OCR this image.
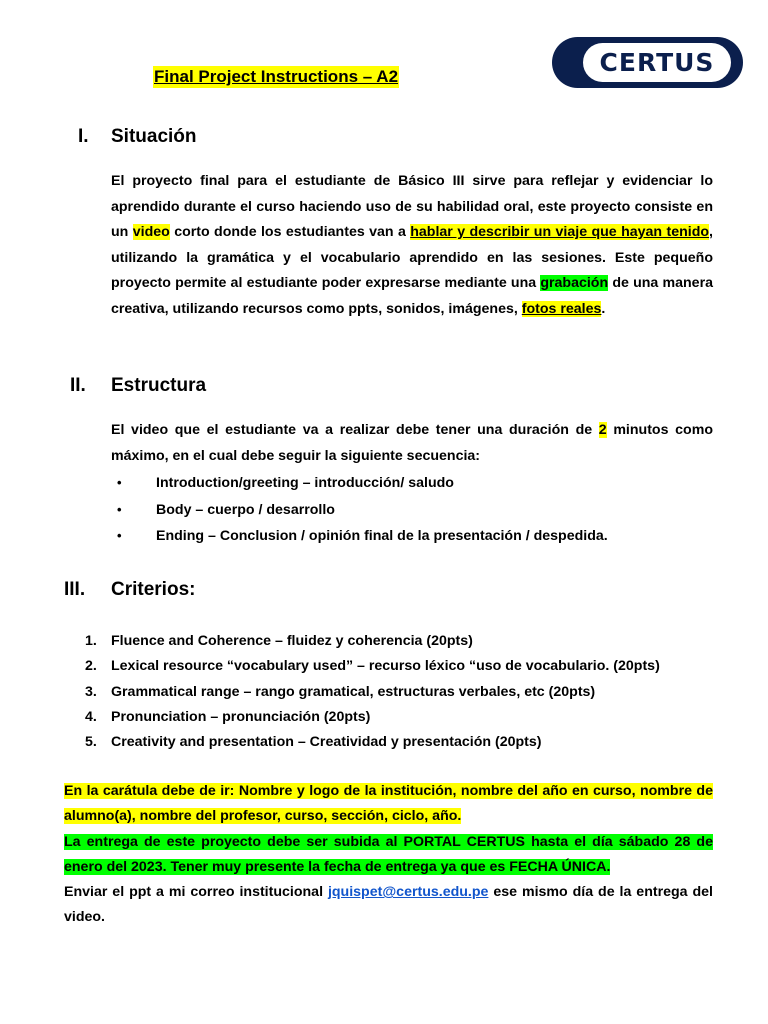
CERTUS
Final Project Instructions – A2
I. Situación
El proyecto final para el estudiante de Básico III sirve para reflejar y evidenciar lo aprendido durante el curso haciendo uso de su habilidad oral, este proyecto consiste en un video corto donde los estudiantes van a hablar y describir un viaje que hayan tenido, utilizando la gramática y el vocabulario aprendido en las sesiones. Este pequeño proyecto permite al estudiante poder expresarse mediante una grabación de una manera creativa, utilizando recursos como ppts, sonidos, imágenes, fotos reales.
II. Estructura
El video que el estudiante va a realizar debe tener una duración de 2 minutos como máximo, en el cual debe seguir la siguiente secuencia:
• Introduction/greeting – introducción/ saludo
• Body – cuerpo / desarrollo
• Ending – Conclusion / opinión final de la presentación / despedida.
III. Criterios:
1. Fluence and Coherence – fluidez y coherencia (20pts)
2. Lexical resource “vocabulary used” – recurso léxico “uso de vocabulario. (20pts)
3. Grammatical range – rango gramatical, estructuras verbales, etc (20pts)
4. Pronunciation – pronunciación (20pts)
5. Creativity and presentation – Creatividad y presentación (20pts)
En la carátula debe de ir: Nombre y logo de la institución, nombre del año en curso, nombre de alumno(a), nombre del profesor, curso, sección, ciclo, año.
La entrega de este proyecto debe ser subida al PORTAL CERTUS hasta el día sábado 28 de enero del 2023. Tener muy presente la fecha de entrega ya que es FECHA ÚNICA.
Enviar el ppt a mi correo institucional jquispet@certus.edu.pe ese mismo día de la entrega del video.
